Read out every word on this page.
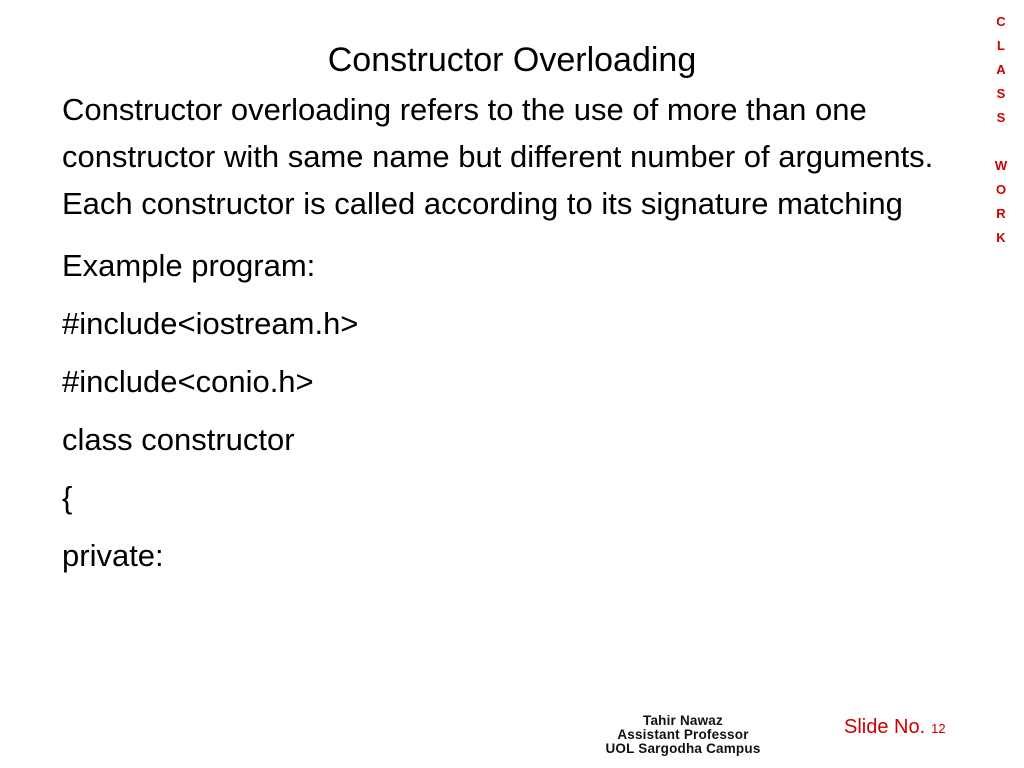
Constructor Overloading

Constructor overloading refers to the use of more than one constructor with same name but different number of arguments. Each constructor is called according to its signature matching

Example program:

#include<iostream.h>

#include<conio.h>

class constructor

{

private:

C
L
A
S
S
W
O
R
K
Tahir Nawaz
Assistant Professor
UOL Sargodha Campus
Slide No. 12
